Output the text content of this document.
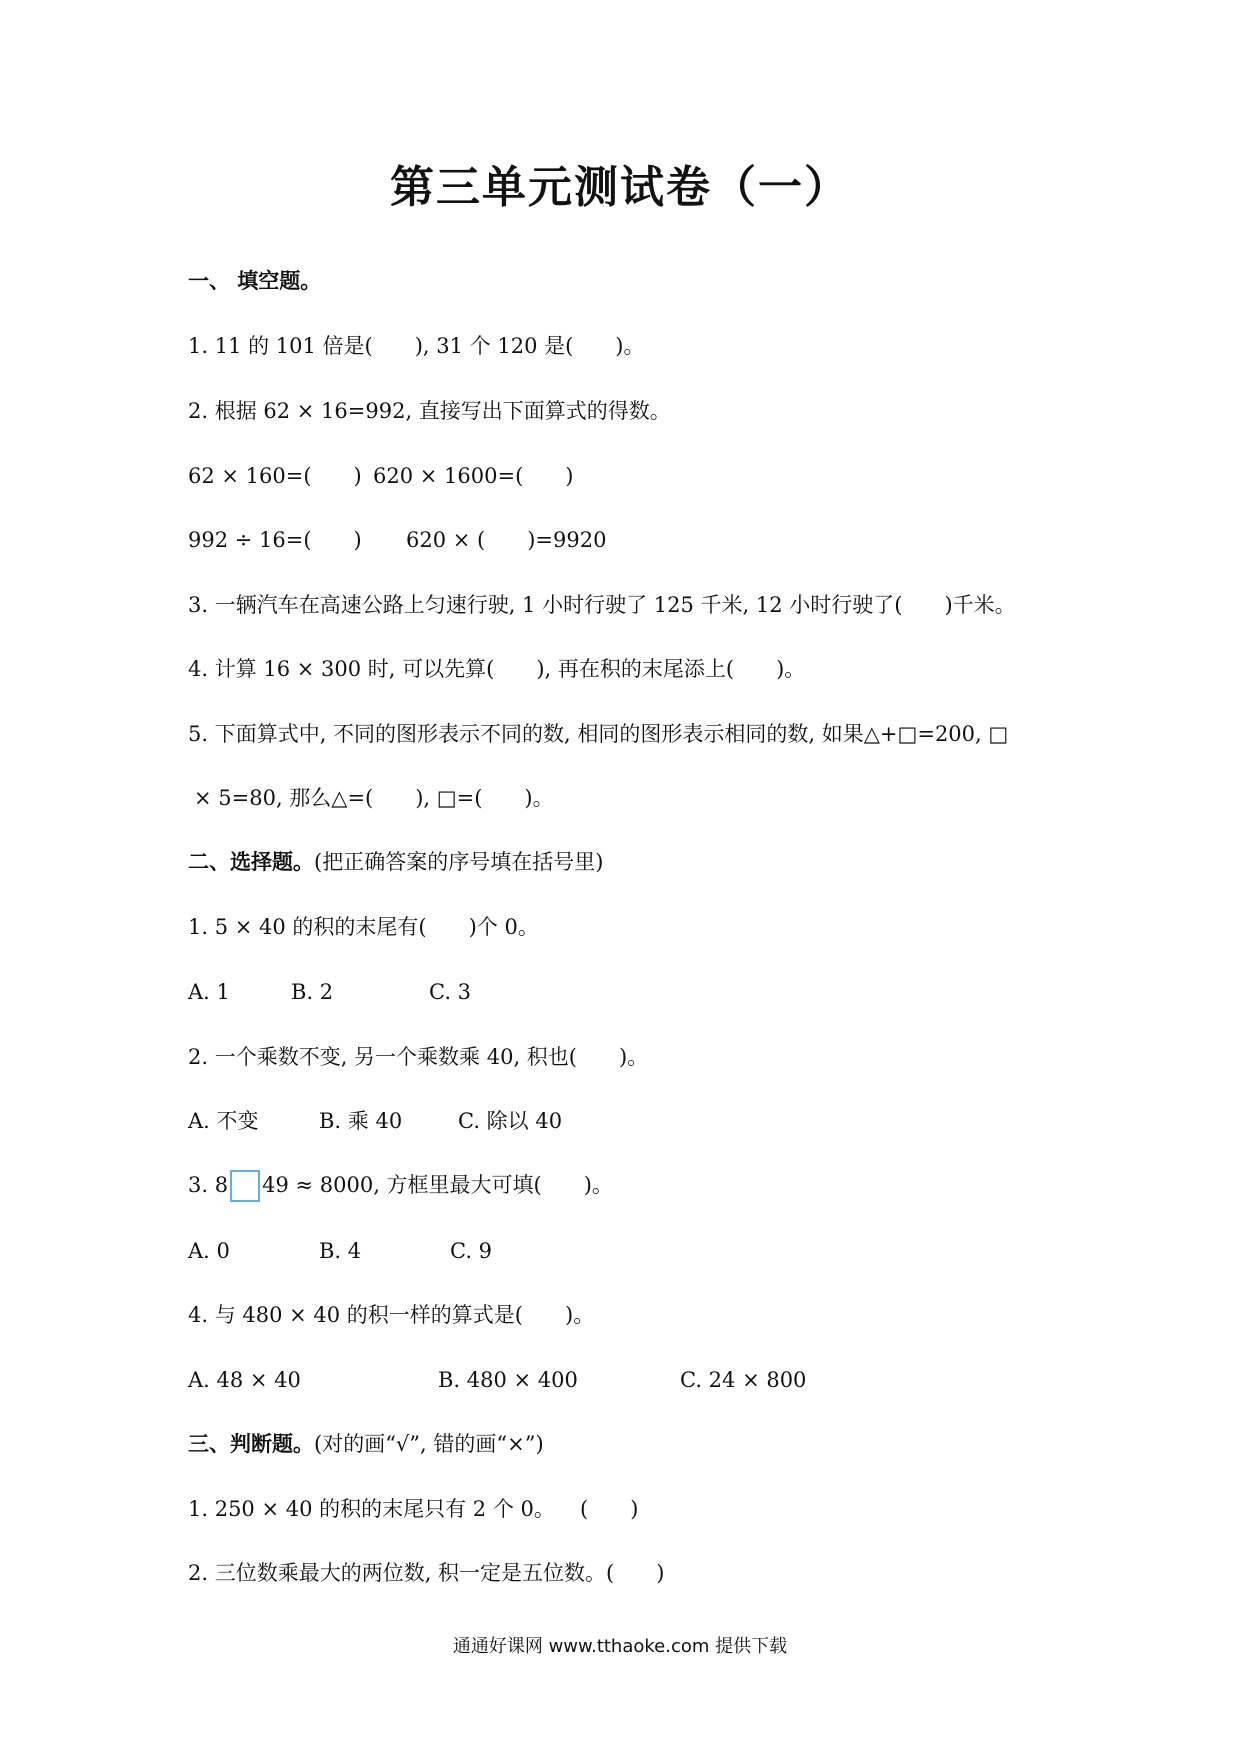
第三单元测试卷（一）
一、 填空题。
1. 11 的 101 倍是(　　), 31 个 120 是(　　)。
2. 根据 62 × 16=992, 直接写出下面算式的得数。
62 × 160=(　　) 620 × 1600=(　　)
992 ÷ 16=(　　) 620 × (　　)=9920
3. 一辆汽车在高速公路上匀速行驶, 1 小时行驶了 125 千米, 12 小时行驶了(　　)千米。
4. 计算 16 × 300 时, 可以先算(　　), 再在积的末尾添上(　　)。
5. 下面算式中, 不同的图形表示不同的数, 相同的图形表示相同的数, 如果△+□=200, □
× 5=80, 那么△=(　　), □=(　　)。
二、选择题。(把正确答案的序号填在括号里)
1. 5 × 40 的积的末尾有(　　)个 0。
A. 1	B. 2	C. 3
2. 一个乘数不变, 另一个乘数乘 40, 积也(　　)。
A. 不变	B. 乘 40	C. 除以 40
3. 8 49 ≈ 8000, 方框里最大可填(　　)。
A. 0	B. 4	C. 9
4. 与 480 × 40 的积一样的算式是(　　)。
A. 48 × 40	B. 480 × 400	C. 24 × 800
三、判断题。(对的画“√”, 错的画“×”)
1. 250 × 40 的积的末尾只有 2 个 0。 (　　)
2. 三位数乘最大的两位数, 积一定是五位数。(　　)
通通好课网 www.tthaoke.com 提供下载
